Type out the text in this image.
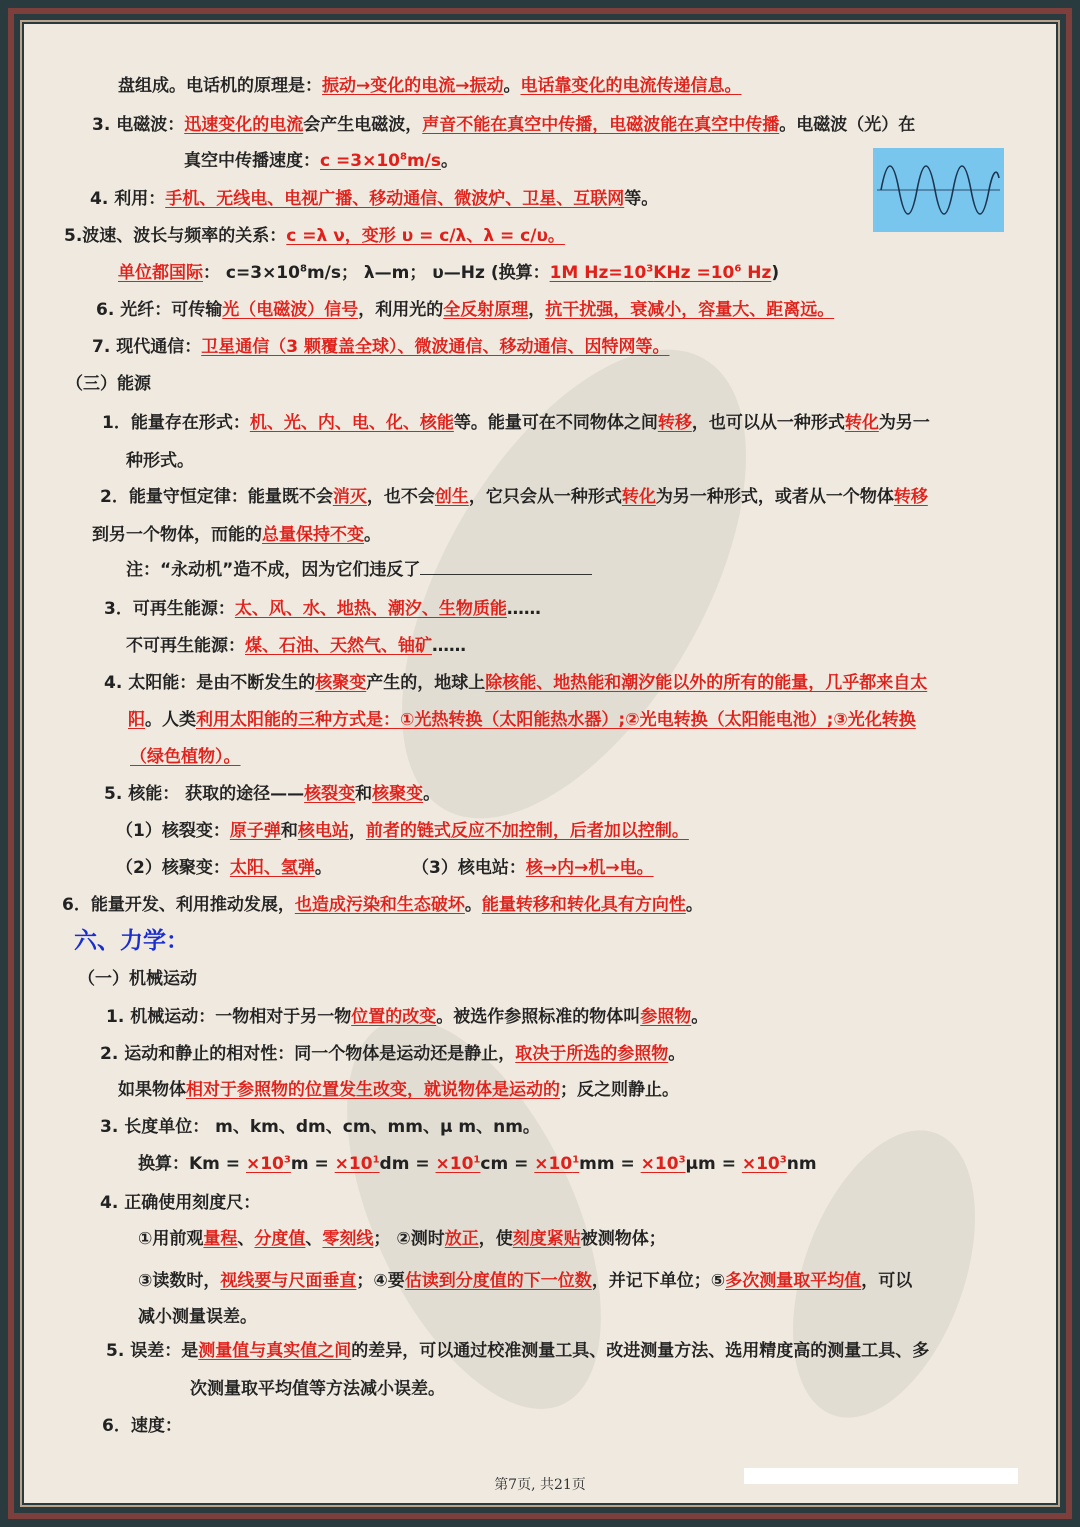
盘组成。电话机的原理是：振动→变化的电流→振动。电话靠变化的电流传递信息。
3. 电磁波：迅速变化的电流会产生电磁波，声音不能在真空中传播，电磁波能在真空中传播。电磁波（光）在
真空中传播速度：$c =3\times 10^8m/s$。
4. 利用：手机、无线电、电视广播、移动通信、微波炉、卫星、互联网等。
5.波速、波长与频率的关系：c =λ ν，变形 υ = c/λ、λ = c/υ。
单位都国际： $c=3\times 10^8m/s$； λ—m； υ—Hz (换算：1M $Hz=10^3KHz =10^6$ Hz)
6. 光纤：可传输光（电磁波）信号，利用光的全反射原理，抗干扰强，衰减小，容量大、距离远。
7. 现代通信：卫星通信（3 颗覆盖全球）、微波通信、移动通信、因特网等。
（三）能源
1．能量存在形式：机、光、内、电、化、核能等。能量可在不同物体之间转移，也可以从一种形式转化为另一
种形式。
2．能量守恒定律：能量既不会消灭，也不会创生，它只会从一种形式转化为另一种形式，或者从一个物体转移
到另一个物体，而能的总量保持不变。
注：“永动机”造不成，因为它们违反了
3．可再生能源：太、风、水、地热、潮汐、生物质能……
不可再生能源：煤、石油、天然气、铀矿……
4. 太阳能：是由不断发生的核聚变产生的，地球上除核能、地热能和潮汐能以外的所有的能量，几乎都来自太
阳。人类利用太阳能的三种方式是：①光热转换（太阳能热水器）;②光电转换（太阳能电池）;③光化转换
（绿色植物）。
5. 核能： 获取的途径——核裂变和核聚变。
（1）核裂变：原子弹和核电站，前者的链式反应不加控制，后者加以控制。
（2）核聚变：太阳、氢弹。	（3）核电站：核→内→机→电。
6．能量开发、利用推动发展，也造成污染和生态破坏。能量转移和转化具有方向性。
六、力学：
（一）机械运动
1. 机械运动：一物相对于另一物位置的改变。被选作参照标准的物体叫参照物。
2. 运动和静止的相对性：同一个物体是运动还是静止，取决于所选的参照物。
如果物体相对于参照物的位置发生改变，就说物体是运动的；反之则静止。
3. 长度单位： m、km、dm、cm、mm、μ m、nm。
换算：$Km = \times 10^3m = \times 10^1dm = \times 10^1cm = \times 10^1mm = \times 10^3\mu m = \times 10^3nm$
4. 正确使用刻度尺：
①用前观量程、分度值、零刻线； ②测时放正，使刻度紧贴被测物体；
③读数时，视线要与尺面垂直；④要估读到分度值的下一位数，并记下单位；⑤多次测量取平均值，可以
减小测量误差。
5. 误差：是测量值与真实值之间的差异，可以通过校准测量工具、改进测量方法、选用精度高的测量工具、多
次测量取平均值等方法减小误差。
6．速度：
第7页, 共21页
